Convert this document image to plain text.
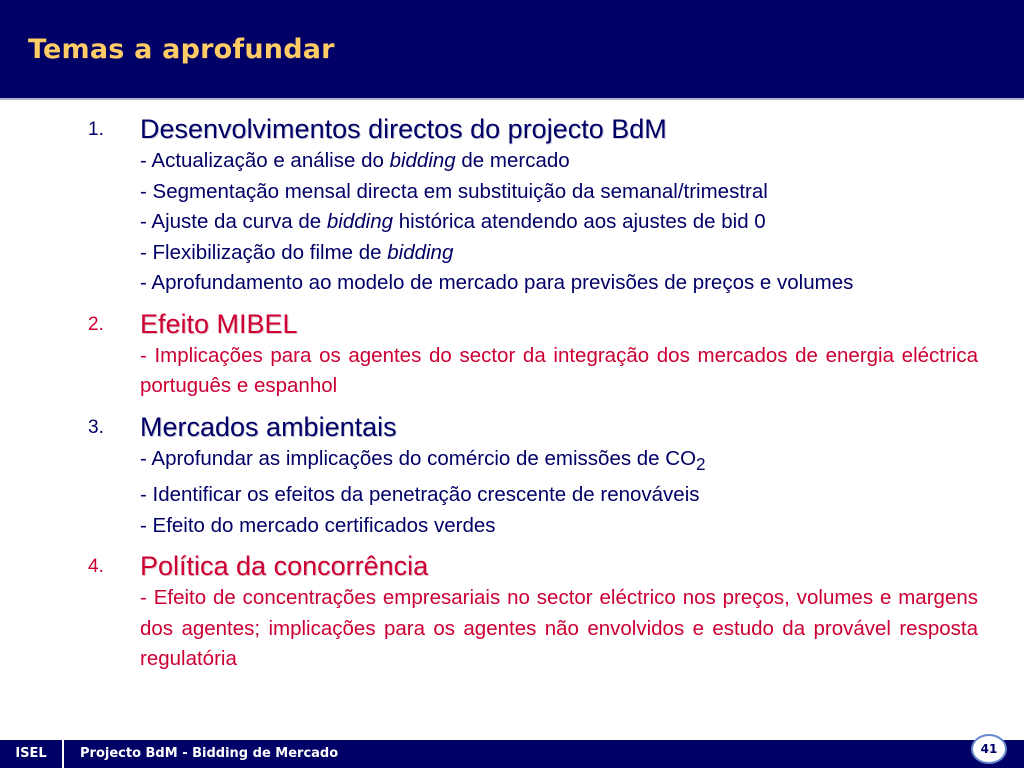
Temas a aprofundar
1. Desenvolvimentos directos do projecto BdM
- Actualização e análise do bidding de mercado
- Segmentação mensal directa em substituição da semanal/trimestral
- Ajuste da curva de bidding histórica atendendo aos ajustes de bid 0
- Flexibilização do filme de bidding
- Aprofundamento ao modelo de mercado para previsões de preços e volumes
2. Efeito MIBEL
- Implicações para os agentes do sector da integração dos mercados de energia eléctrica português e espanhol
3. Mercados ambientais
- Aprofundar as implicações do comércio de emissões de $CO_2$
- Identificar os efeitos da penetração crescente de renováveis
- Efeito do mercado certificados verdes
4. Política da concorrência
- Efeito de concentrações empresariais no sector eléctrico nos preços, volumes e margens dos agentes; implicações para os agentes não envolvidos e estudo da provável resposta regulatória
ISEL	Projecto BdM - Bidding de Mercado	41
